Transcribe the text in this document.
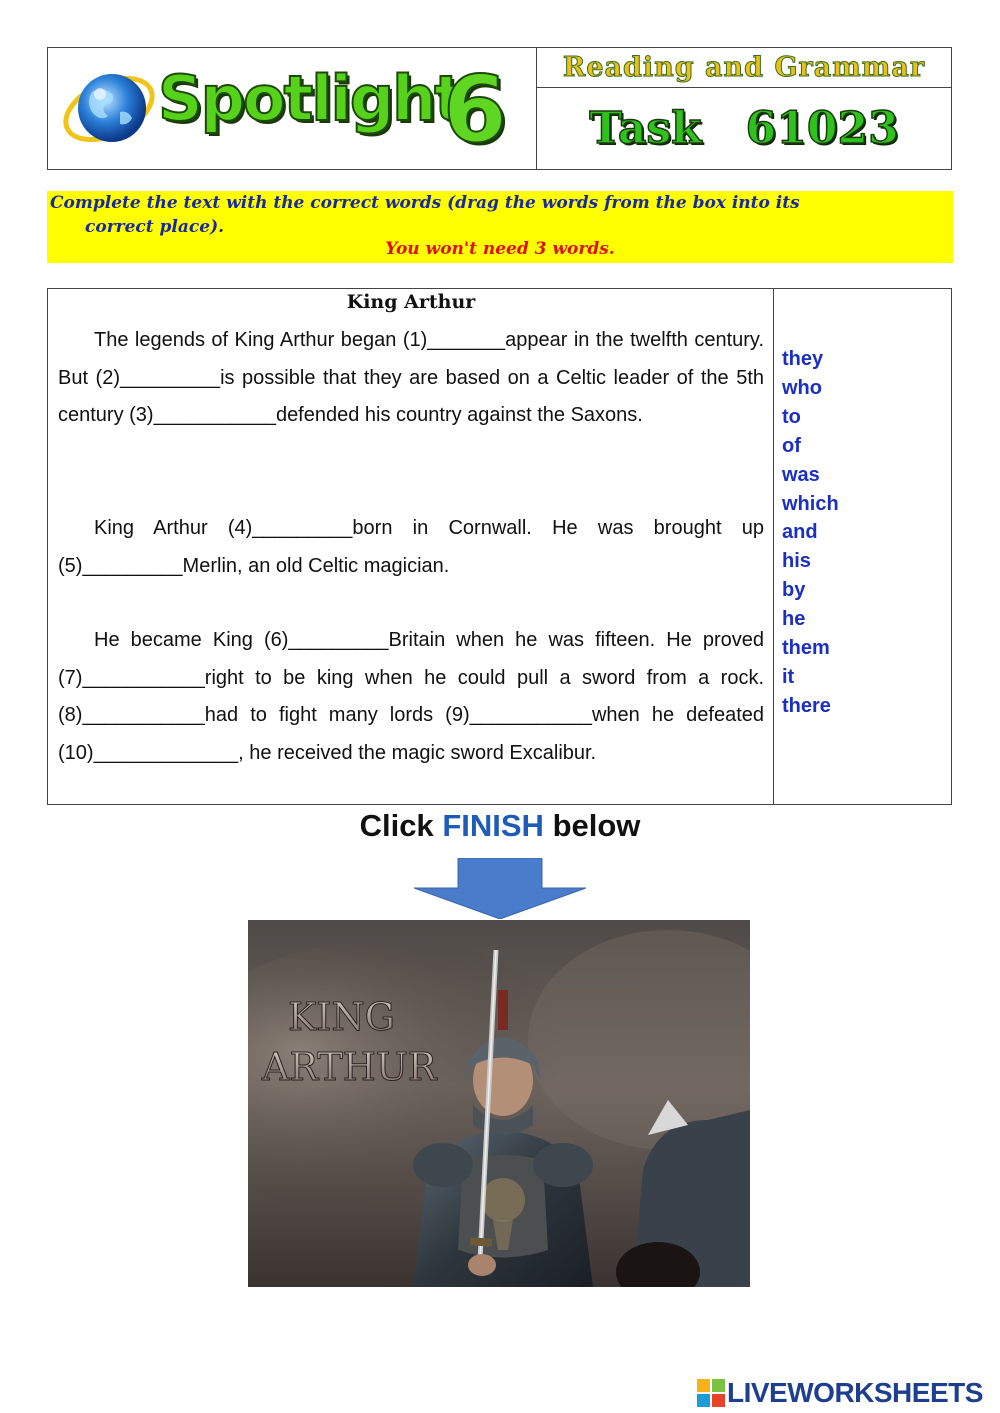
Spotlight
6 Reading and Grammar
Task 61023
Complete the text with the correct words (drag the words from the box into its
correct place).
You won't need 3 words.
King Arthur

The legends of King Arthur began (1)_______appear in the twelfth century. But (2)_________is possible that they are based on a Celtic leader of the 5th century (3)___________defended his country against the Saxons.

King Arthur (4)_________born in Cornwall. He was brought up (5)_________Merlin, an old Celtic magician.

He became King (6)_________Britain when he was fifteen. He proved (7)___________right to be king when he could pull a sword from a rock. (8)___________had to fight many lords (9)___________when he defeated (10)_____________, he received the magic sword Excalibur.

they
who
to
of
was
which
and
his
by
he
them
it
there
Click FINISH below
KING
ARTHUR
LIVEWORKSHEETS
